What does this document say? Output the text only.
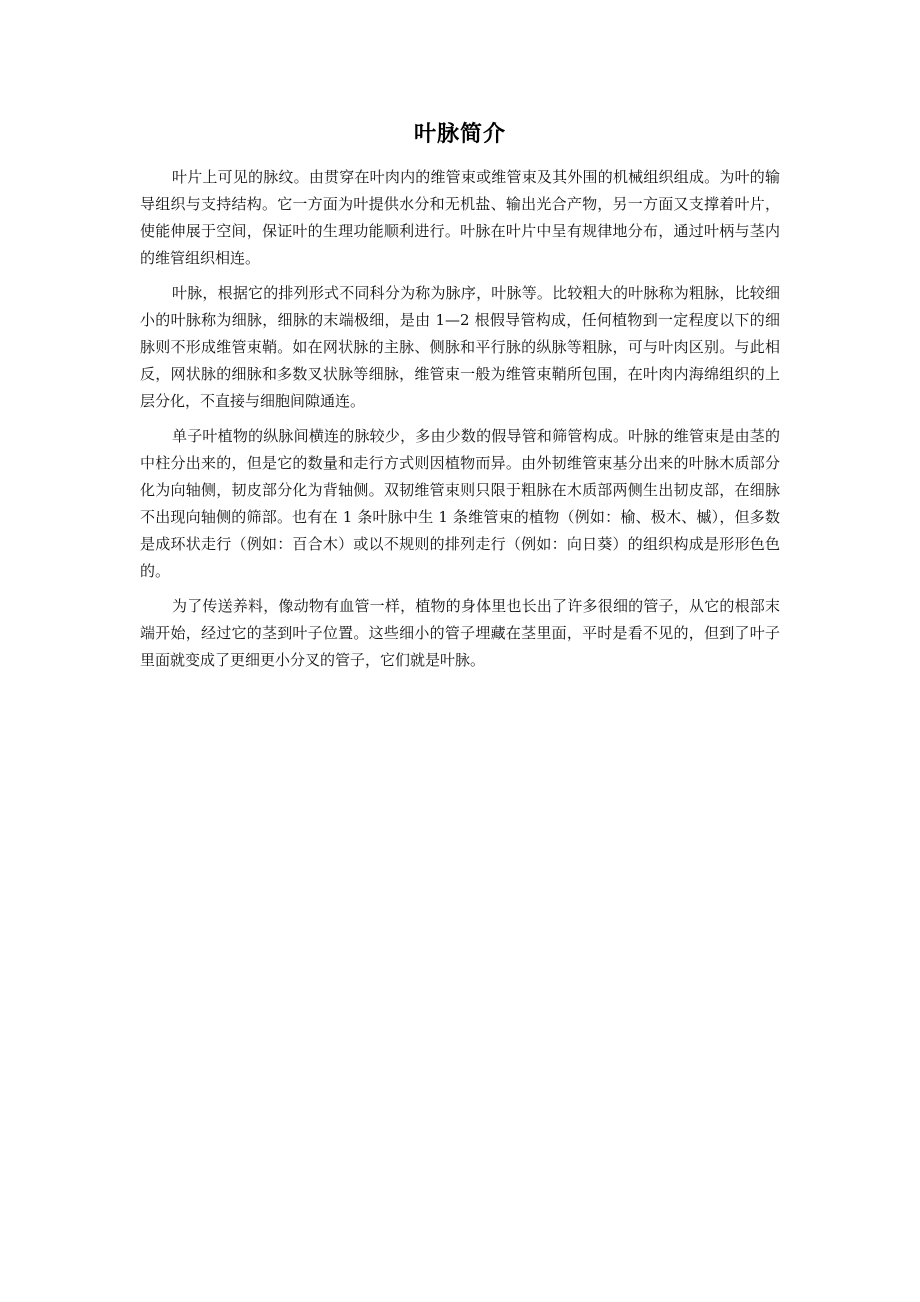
叶脉简介

叶片上可见的脉纹。由贯穿在叶肉内的维管束或维管束及其外围的机械组织组成。为叶的输导组织与支持结构。它一方面为叶提供水分和无机盐、输出光合产物，另一方面又支撑着叶片，使能伸展于空间，保证叶的生理功能顺利进行。叶脉在叶片中呈有规律地分布，通过叶柄与茎内的维管组织相连。

叶脉，根据它的排列形式不同科分为称为脉序，叶脉等。比较粗大的叶脉称为粗脉，比较细小的叶脉称为细脉，细脉的末端极细，是由 1—2 根假导管构成，任何植物到一定程度以下的细脉则不形成维管束鞘。如在网状脉的主脉、侧脉和平行脉的纵脉等粗脉，可与叶肉区别。与此相反，网状脉的细脉和多数叉状脉等细脉，维管束一般为维管束鞘所包围，在叶肉内海绵组织的上层分化，不直接与细胞间隙通连。

单子叶植物的纵脉间横连的脉较少，多由少数的假导管和筛管构成。叶脉的维管束是由茎的中柱分出来的，但是它的数量和走行方式则因植物而异。由外韧维管束基分出来的叶脉木质部分化为向轴侧，韧皮部分化为背轴侧。双韧维管束则只限于粗脉在木质部两侧生出韧皮部，在细脉不出现向轴侧的筛部。也有在 1 条叶脉中生 1 条维管束的植物（例如：榆、极木、槭），但多数是成环状走行（例如：百合木）或以不规则的排列走行（例如：向日葵）的组织构成是形形色色的。

为了传送养料，像动物有血管一样，植物的身体里也长出了许多很细的管子，从它的根部末端开始，经过它的茎到叶子位置。这些细小的管子埋藏在茎里面，平时是看不见的，但到了叶子里面就变成了更细更小分叉的管子，它们就是叶脉。
